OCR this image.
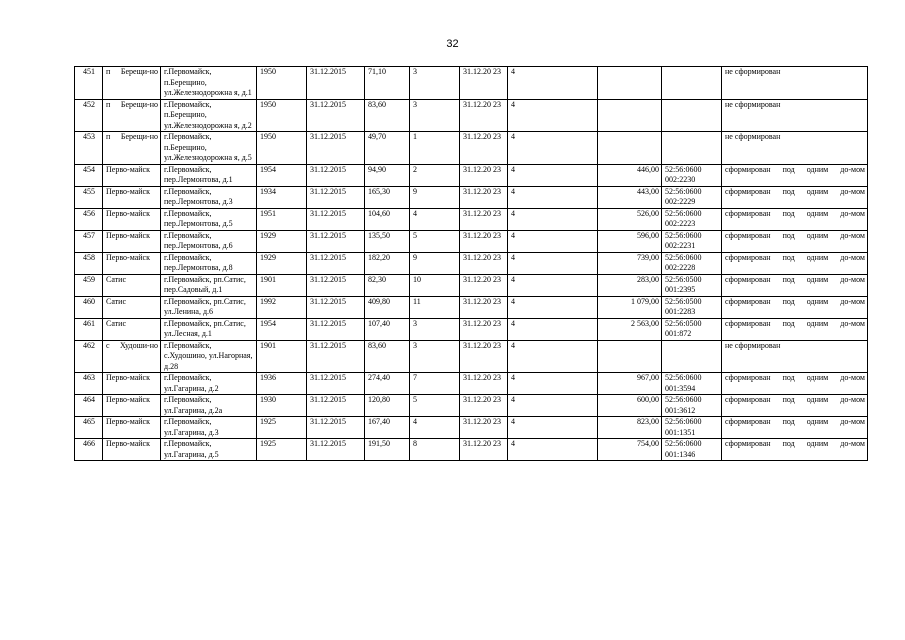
32
451	п Берещи-но	г.Первомайск, п.Берещино, ул.Железнодорожна я, д.1	1950	31.12.2015	71,10	3	31.12.20 23	4			не сформирован
452	п Берещи-но	г.Первомайск, п.Берещино, ул.Железнодорожна я, д.2	1950	31.12.2015	83,60	3	31.12.20 23	4			не сформирован
453	п Берещи-но	г.Первомайск, п.Берещино, ул.Железнодорожна я, д.5	1950	31.12.2015	49,70	1	31.12.20 23	4			не сформирован
454	Перво-майск	г.Первомайск, пер.Лермонтова, д.1	1954	31.12.2015	94,90	2	31.12.20 23	4	446,00	52:56:0600 002:2230	сформирован под одним до-мом
455	Перво-майск	г.Первомайск, пер.Лермонтова, д.3	1934	31.12.2015	165,30	9	31.12.20 23	4	443,00	52:56:0600 002:2229	сформирован под одним до-мом
456	Перво-майск	г.Первомайск, пер.Лермонтова, д.5	1951	31.12.2015	104,60	4	31.12.20 23	4	526,00	52:56:0600 002:2223	сформирован под одним до-мом
457	Перво-майск	г.Первомайск, пер.Лермонтова, д.6	1929	31.12.2015	135,50	5	31.12.20 23	4	596,00	52:56:0600 002:2231	сформирован под одним до-мом
458	Перво-майск	г.Первомайск, пер.Лермонтова, д.8	1929	31.12.2015	182,20	9	31.12.20 23	4	739,00	52:56:0600 002:2228	сформирован под одним до-мом
459	Сатис	г.Первомайск, рп.Сатис, пер.Садовый, д.1	1901	31.12.2015	82,30	10	31.12.20 23	4	283,00	52:56:0500 001:2395	сформирован под одним до-мом
460	Сатис	г.Первомайск, рп.Сатис, ул.Ленина, д.6	1992	31.12.2015	409,80	11	31.12.20 23	4	1 079,00	52:56:0500 001:2283	сформирован под одним до-мом
461	Сатис	г.Первомайск, рп.Сатис, ул.Лесная, д.1	1954	31.12.2015	107,40	3	31.12.20 23	4	2 563,00	52:56:0500 001:872	сформирован под одним до-мом
462	с Худоши-но	г.Первомайск, с.Худошино, ул.Нагорная, д.28	1901	31.12.2015	83,60	3	31.12.20 23	4			не сформирован
463	Перво-майск	г.Первомайск, ул.Гагарина, д.2	1936	31.12.2015	274,40	7	31.12.20 23	4	967,00	52:56:0600 001:3594	сформирован под одним до-мом
464	Перво-майск	г.Первомайск, ул.Гагарина, д.2а	1930	31.12.2015	120,80	5	31.12.20 23	4	600,00	52:56:0600 001:3612	сформирован под одним до-мом
465	Перво-майск	г.Первомайск, ул.Гагарина, д.3	1925	31.12.2015	167,40	4	31.12.20 23	4	823,00	52:56:0600 001:1351	сформирован под одним до-мом
466	Перво-майск	г.Первомайск, ул.Гагарина, д.5	1925	31.12.2015	191,50	8	31.12.20 23	4	754,00	52:56:0600 001:1346	сформирован под одним до-мом
